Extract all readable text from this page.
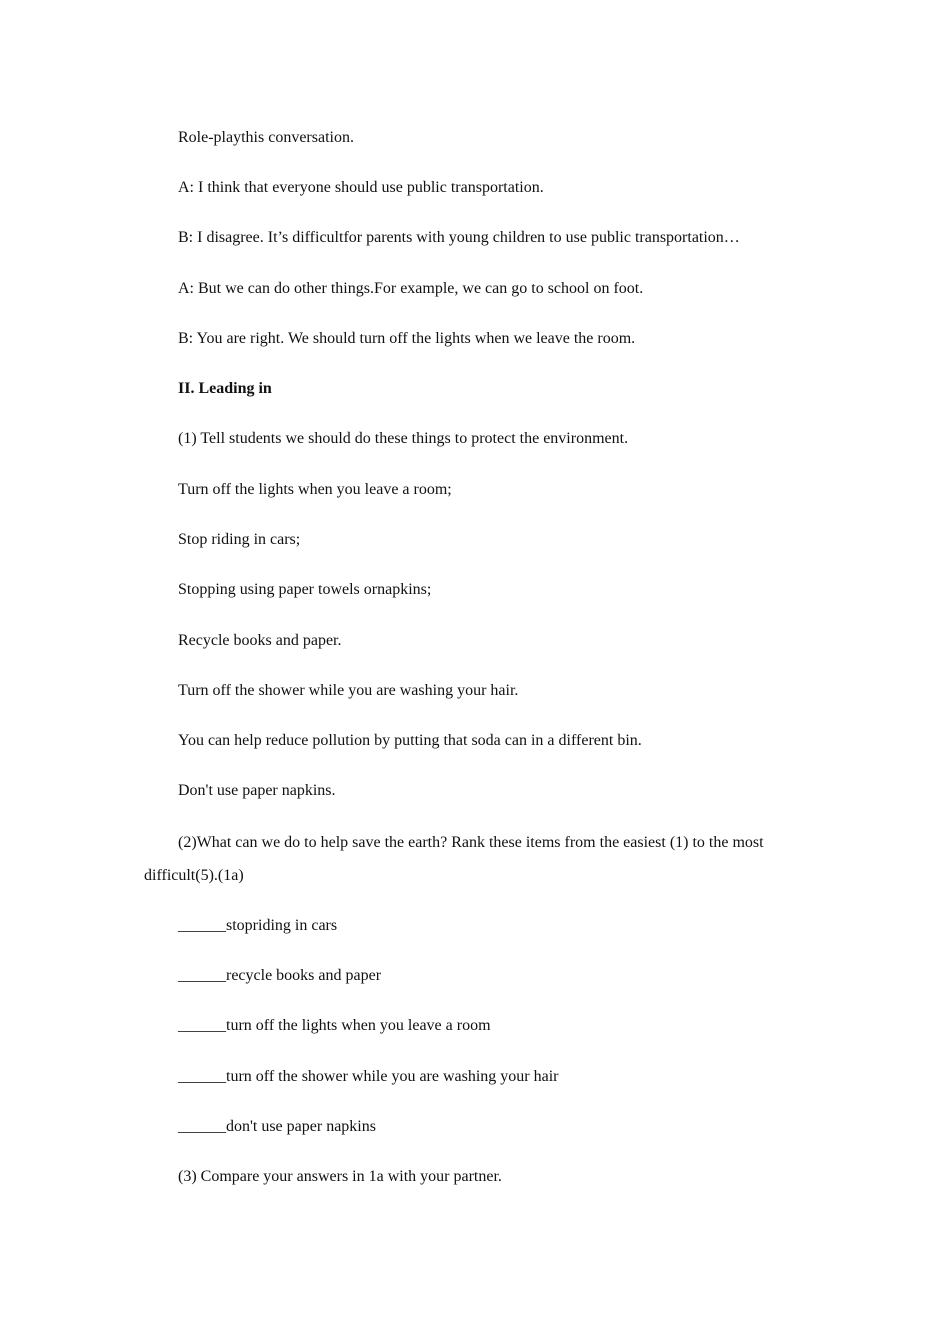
Role-playthis conversation.
A: I think that everyone should use public transportation.
B: I disagree. It’s difficultfor parents with young children to use public transportation…
A: But we can do other things.For example, we can go to school on foot.
B: You are right. We should turn off the lights when we leave the room.
II. Leading in
(1) Tell students we should do these things to protect the environment.
Turn off the lights when you leave a room;
Stop riding in cars;
Stopping using paper towels ornapkins;
Recycle books and paper.
Turn off the shower while you are washing your hair.
You can help reduce pollution by putting that soda can in a different bin.
Don't use paper napkins.
(2)What can we do to help save the earth? Rank these items from the easiest (1) to the most difficult(5).(1a)
______stopriding in cars
______recycle books and paper
______turn off the lights when you leave a room
______turn off the shower while you are washing your hair
______don't use paper napkins
(3) Compare your answers in 1a with your partner.
